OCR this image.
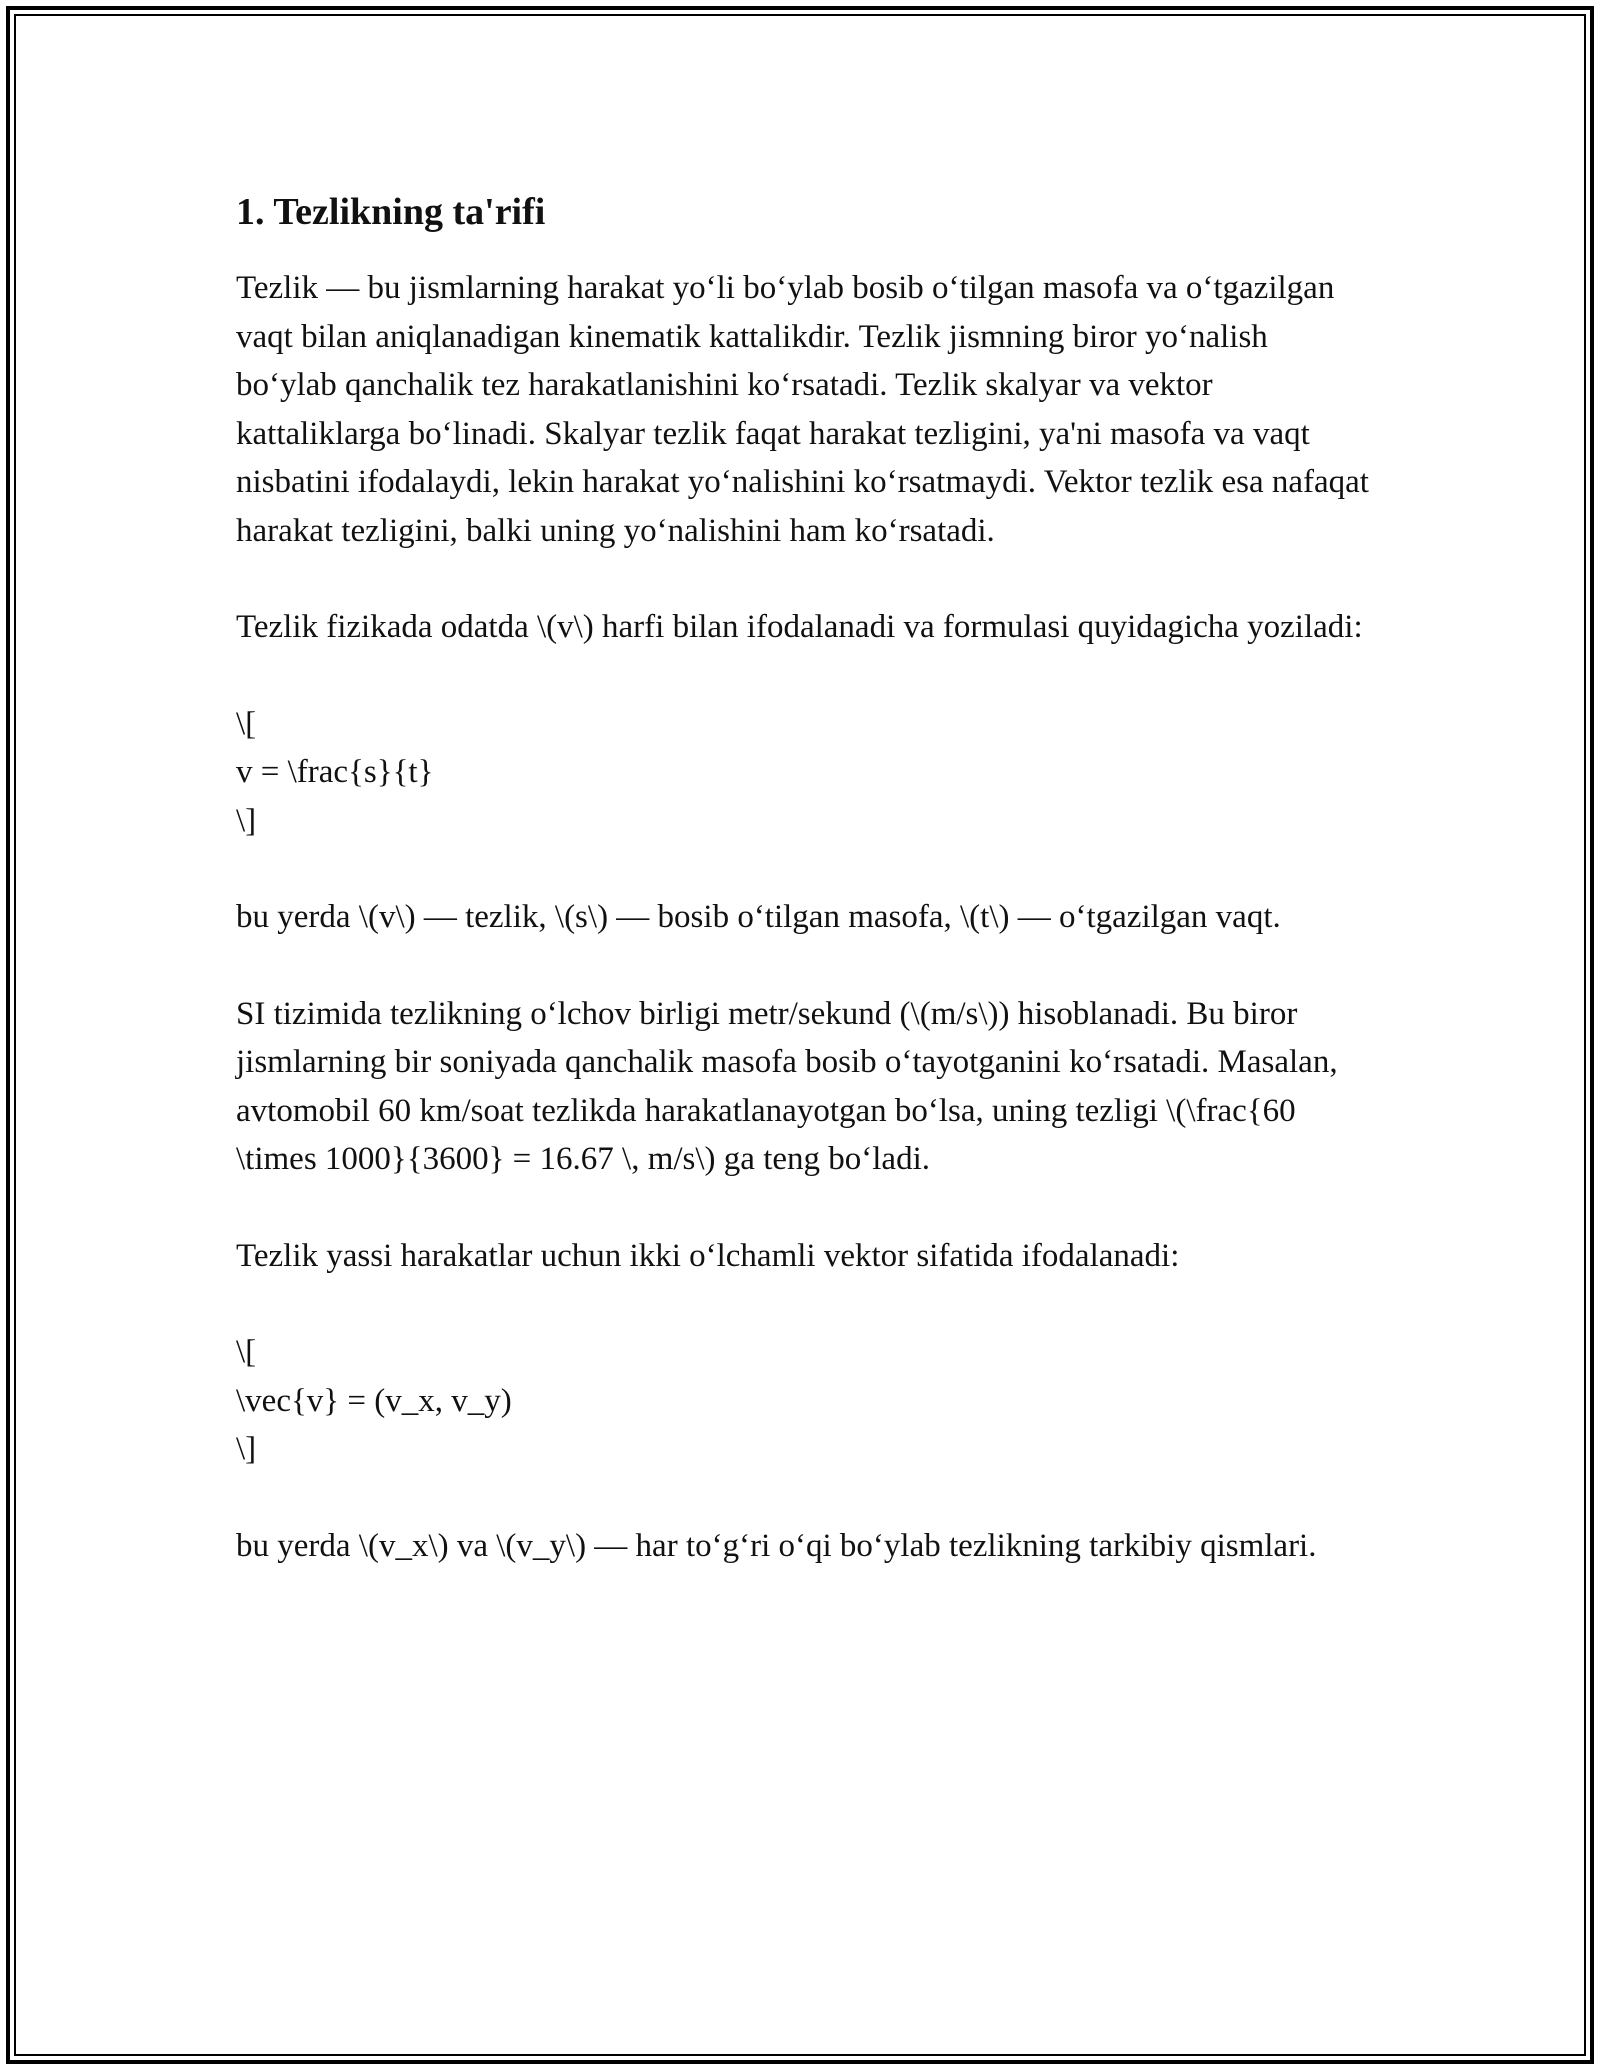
1. Tezlikning ta'rifi

Tezlik — bu jismlarning harakat yo‘li bo‘ylab bosib o‘tilgan masofa va o‘tgazilgan vaqt bilan aniqlanadigan kinematik kattalikdir. Tezlik jismning biror yo‘nalish bo‘ylab qanchalik tez harakatlanishini ko‘rsatadi. Tezlik skalyar va vektor kattaliklarga bo‘linadi. Skalyar tezlik faqat harakat tezligini, ya'ni masofa va vaqt nisbatini ifodalaydi, lekin harakat yo‘nalishini ko‘rsatmaydi. Vektor tezlik esa nafaqat harakat tezligini, balki uning yo‘nalishini ham ko‘rsatadi.

Tezlik fizikada odatda \(v\) harfi bilan ifodalanadi va formulasi quyidagicha yoziladi:

\[
v = \frac{s}{t}
\]

bu yerda \(v\) — tezlik, \(s\) — bosib o‘tilgan masofa, \(t\) — o‘tgazilgan vaqt.

SI tizimida tezlikning o‘lchov birligi metr/sekund (\(m/s\)) hisoblanadi. Bu biror jismlarning bir soniyada qanchalik masofa bosib o‘tayotganini ko‘rsatadi. Masalan, avtomobil 60 km/soat tezlikda harakatlanayotgan bo‘lsa, uning tezligi \(\frac{60 \times 1000}{3600} = 16.67 \, m/s\) ga teng bo‘ladi.

Tezlik yassi harakatlar uchun ikki o‘lchamli vektor sifatida ifodalanadi:

\[
\vec{v} = (v_x, v_y)
\]

bu yerda \(v_x\) va \(v_y\) — har to‘g‘ri o‘qi bo‘ylab tezlikning tarkibiy qismlari.
